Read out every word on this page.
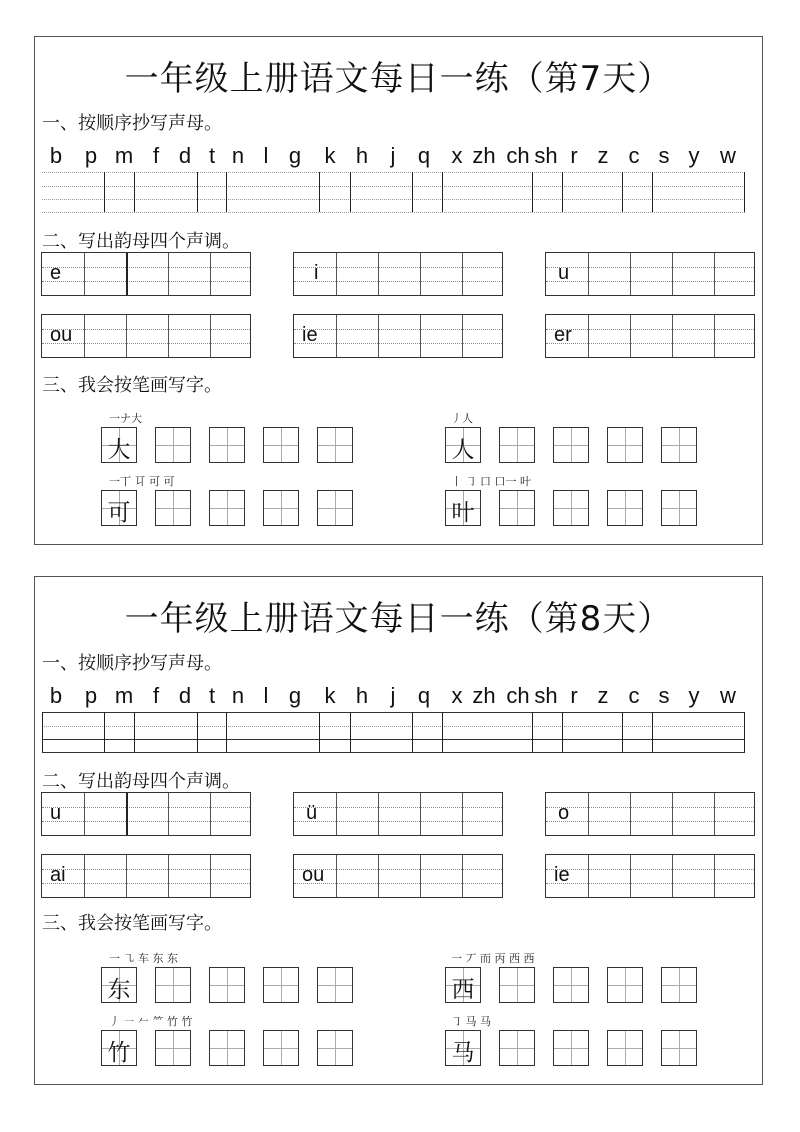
一年级上册语文每日一练（第7天）
一、按顺序抄写声母。
b p m f d t n l g k h j q x zh ch sh r z c s y w
二、写出韵母四个声调。
e	i	u
ou	ie	er
三、我会按笔画写字。
一ナ大	丿人
一丅 㔿 可 可	丨 ㇆ 口 口一 叶
大	人
可	叶
一年级上册语文每日一练（第8天）
一、按顺序抄写声母。
b p m f d t n l g k h j q x zh ch sh r z c s y w
二、写出韵母四个声调。
u	ü	o
ai	ou	ie
三、我会按笔画写字。
一 ㇈ 车 东 东	一 丆 而 丙 西 西
丿 ㇐ 𠂉 ⺮ 竹 竹	㇆ 马 马
东	西
竹	马
